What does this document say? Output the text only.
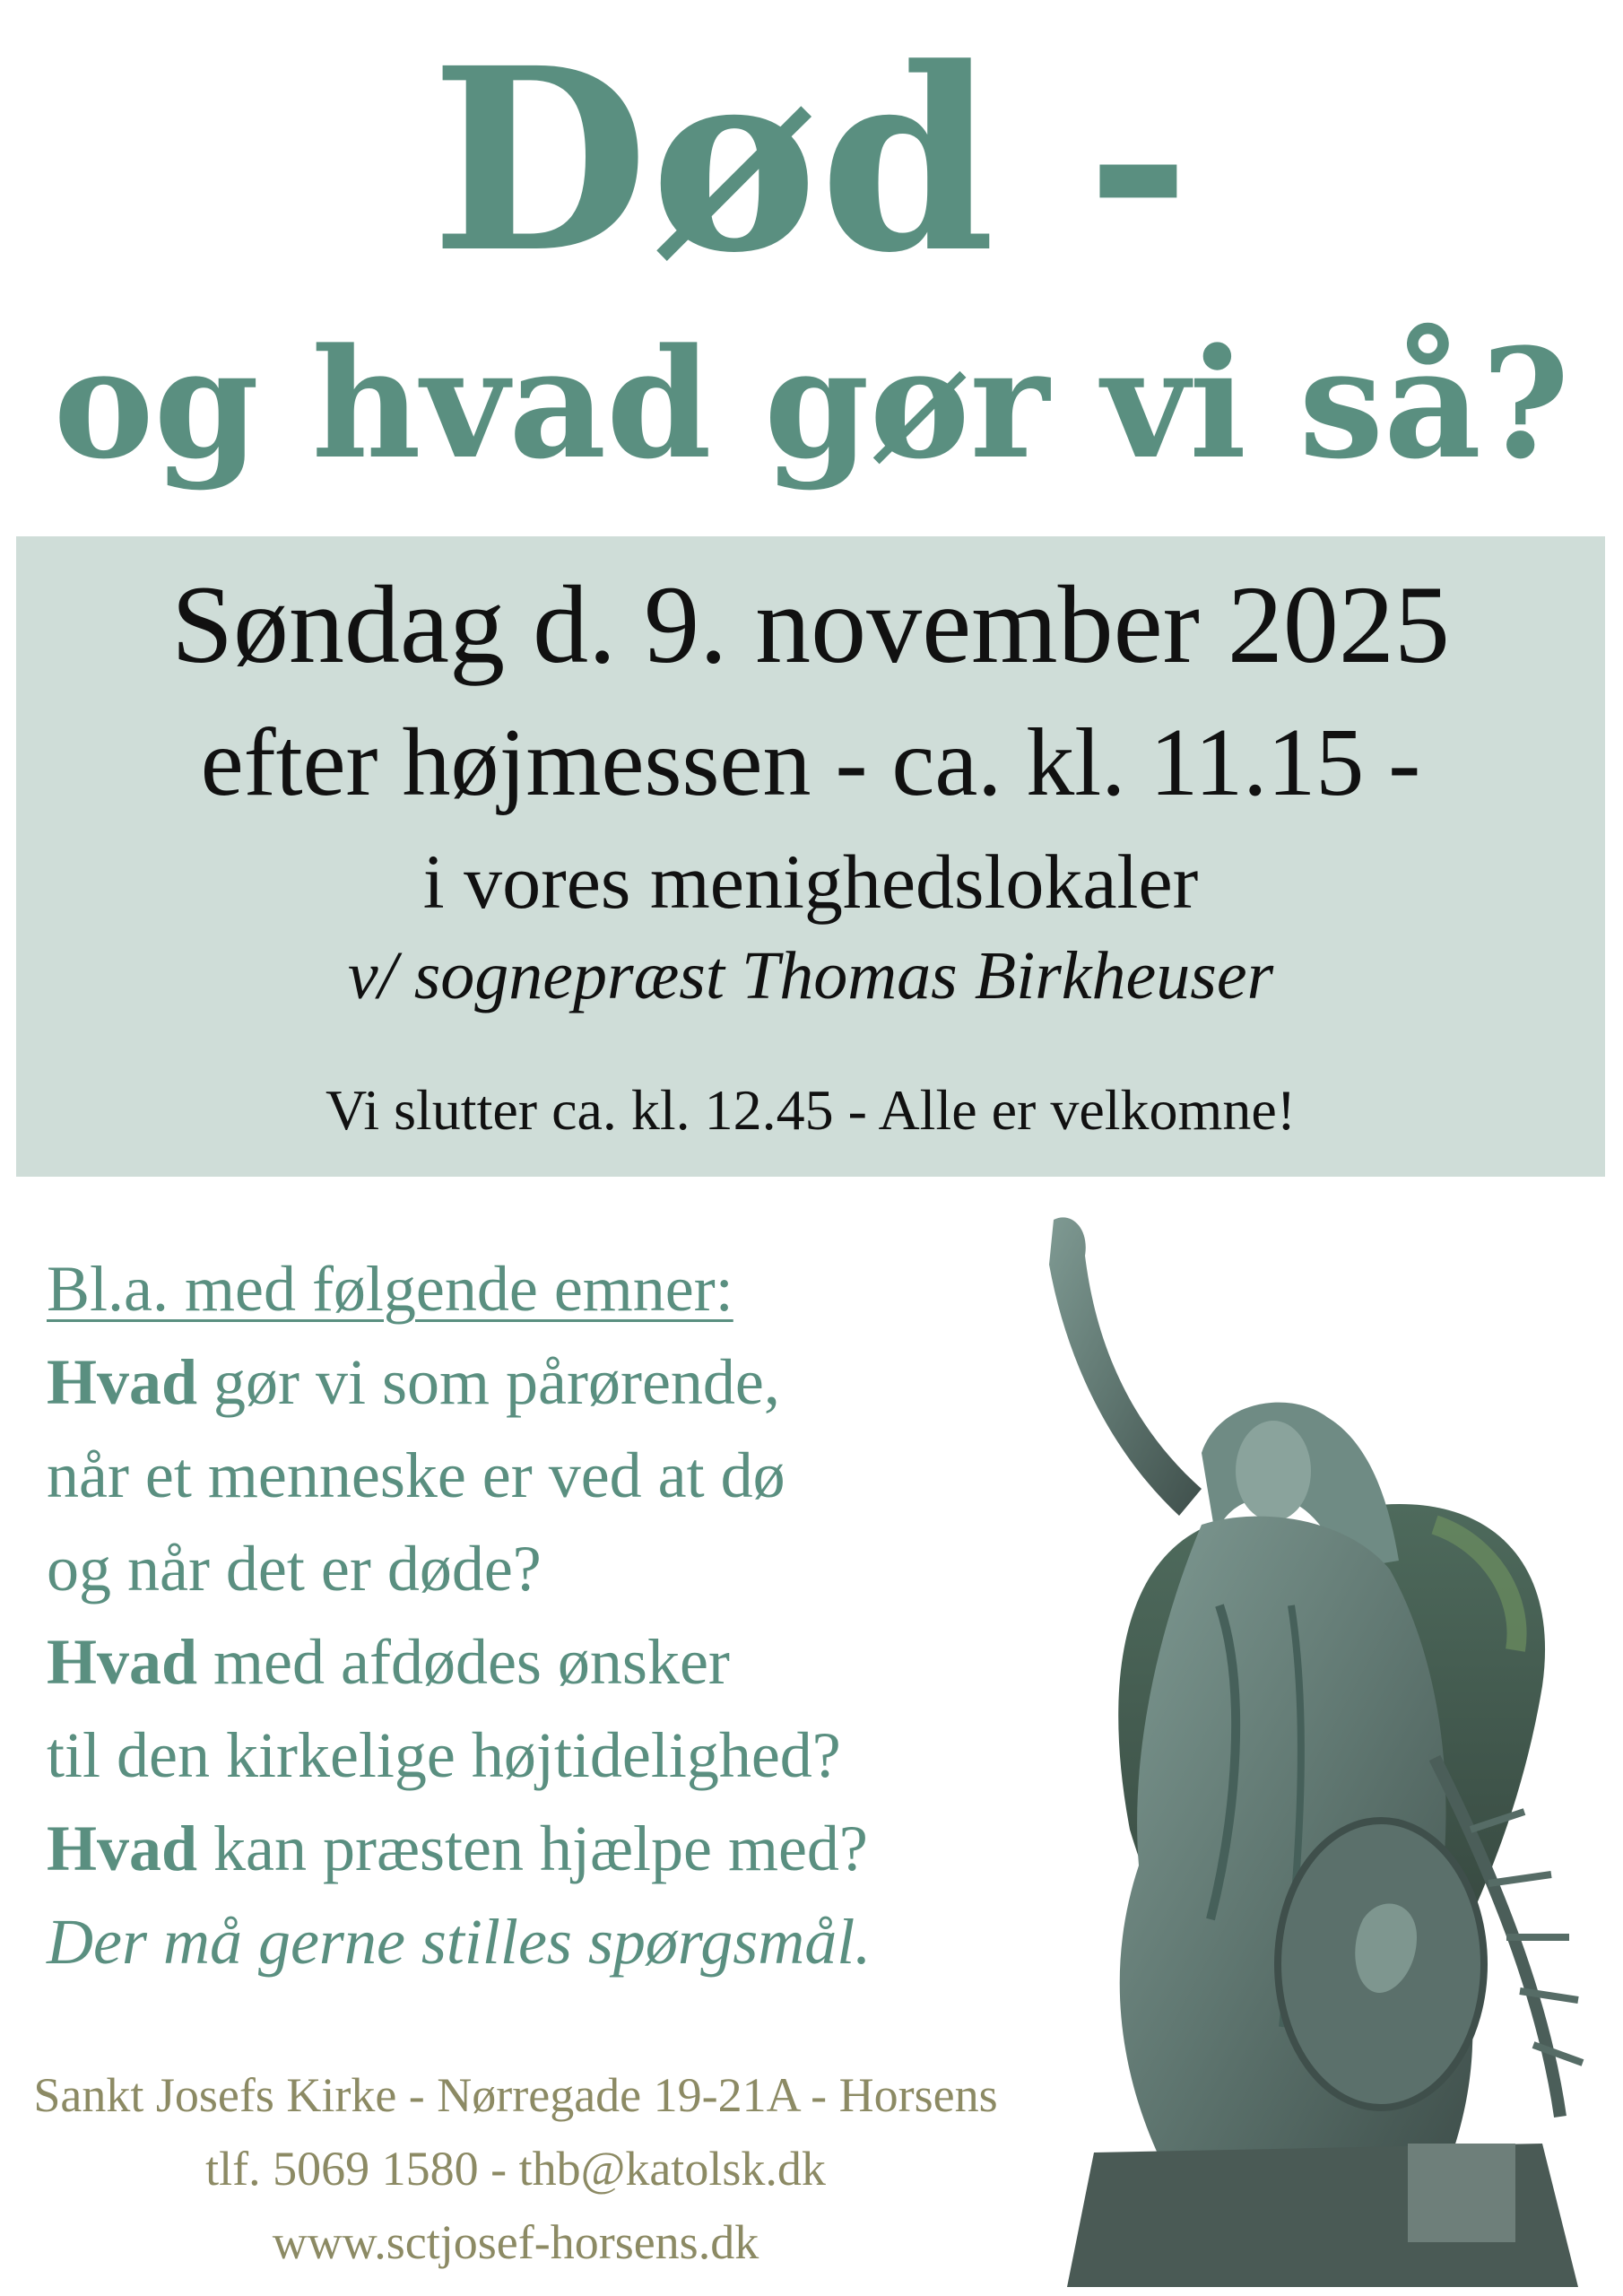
Død -
og hvad gør vi så?
Søndag d. 9. november 2025
efter højmessen - ca. kl. 11.15 -
i vores menighedslokaler
v/ sognepræst Thomas Birkheuser
Vi slutter ca. kl. 12.45 - Alle er velkomne!
Bl.a. med følgende emner:
Hvad gør vi som pårørende,
når et menneske er ved at dø
og når det er døde?
Hvad med afdødes ønsker
til den kirkelige højtidelighed?
Hvad kan præsten hjælpe med?
Der må gerne stilles spørgsmål.
Sankt Josefs Kirke - Nørregade 19-21A - Horsens
tlf. 5069 1580 - thb@katolsk.dk
www.sctjosef-horsens.dk
